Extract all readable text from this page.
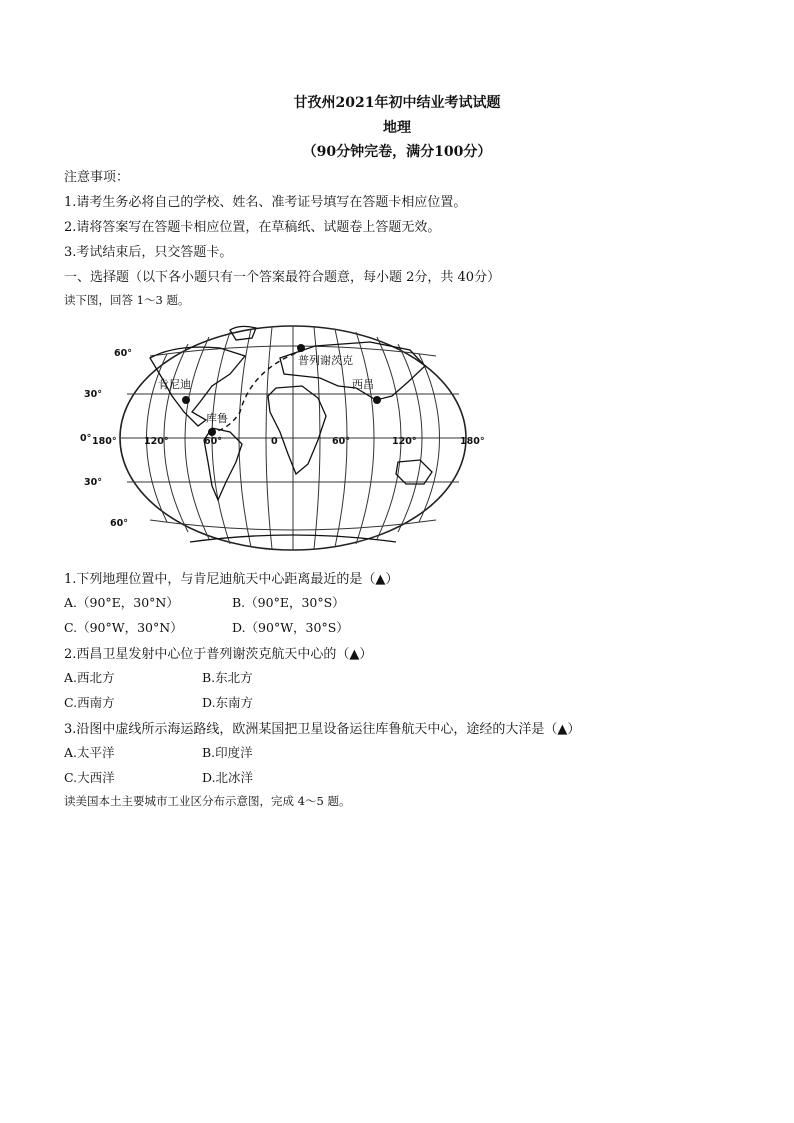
甘孜州2021年初中结业考试试题
地理
（90分钟完卷，满分100分）
注意事项：
1.请考生务必将自己的学校、姓名、准考证号填写在答题卡相应位置。
2.请将答案写在答题卡相应位置，在草稿纸、试题卷上答题无效。
3.考试结束后，只交答题卡。
一、选择题（以下各小题只有一个答案最符合题意，每小题 2分，共 40分）
读下图，回答 1～3 题。
普列谢茨克
肯尼迪	西昌
库鲁
60°
30°
0°
30°
60°
180°	120°	60°	0	60°	120°	180°
1.下列地理位置中，与肯尼迪航天中心距离最近的是（▲）
A.（90°E，30°N）	B.（90°E，30°S）
C.（90°W，30°N）	D.（90°W，30°S）
2.西昌卫星发射中心位于普列谢茨克航天中心的（▲）
A.西北方	B.东北方
C.西南方	D.东南方
3.沿图中虚线所示海运路线，欧洲某国把卫星设备运往库鲁航天中心，途经的大洋是（▲）
A.太平洋	B.印度洋
C.大西洋	D.北冰洋
读美国本土主要城市工业区分布示意图，完成 4～5 题。
